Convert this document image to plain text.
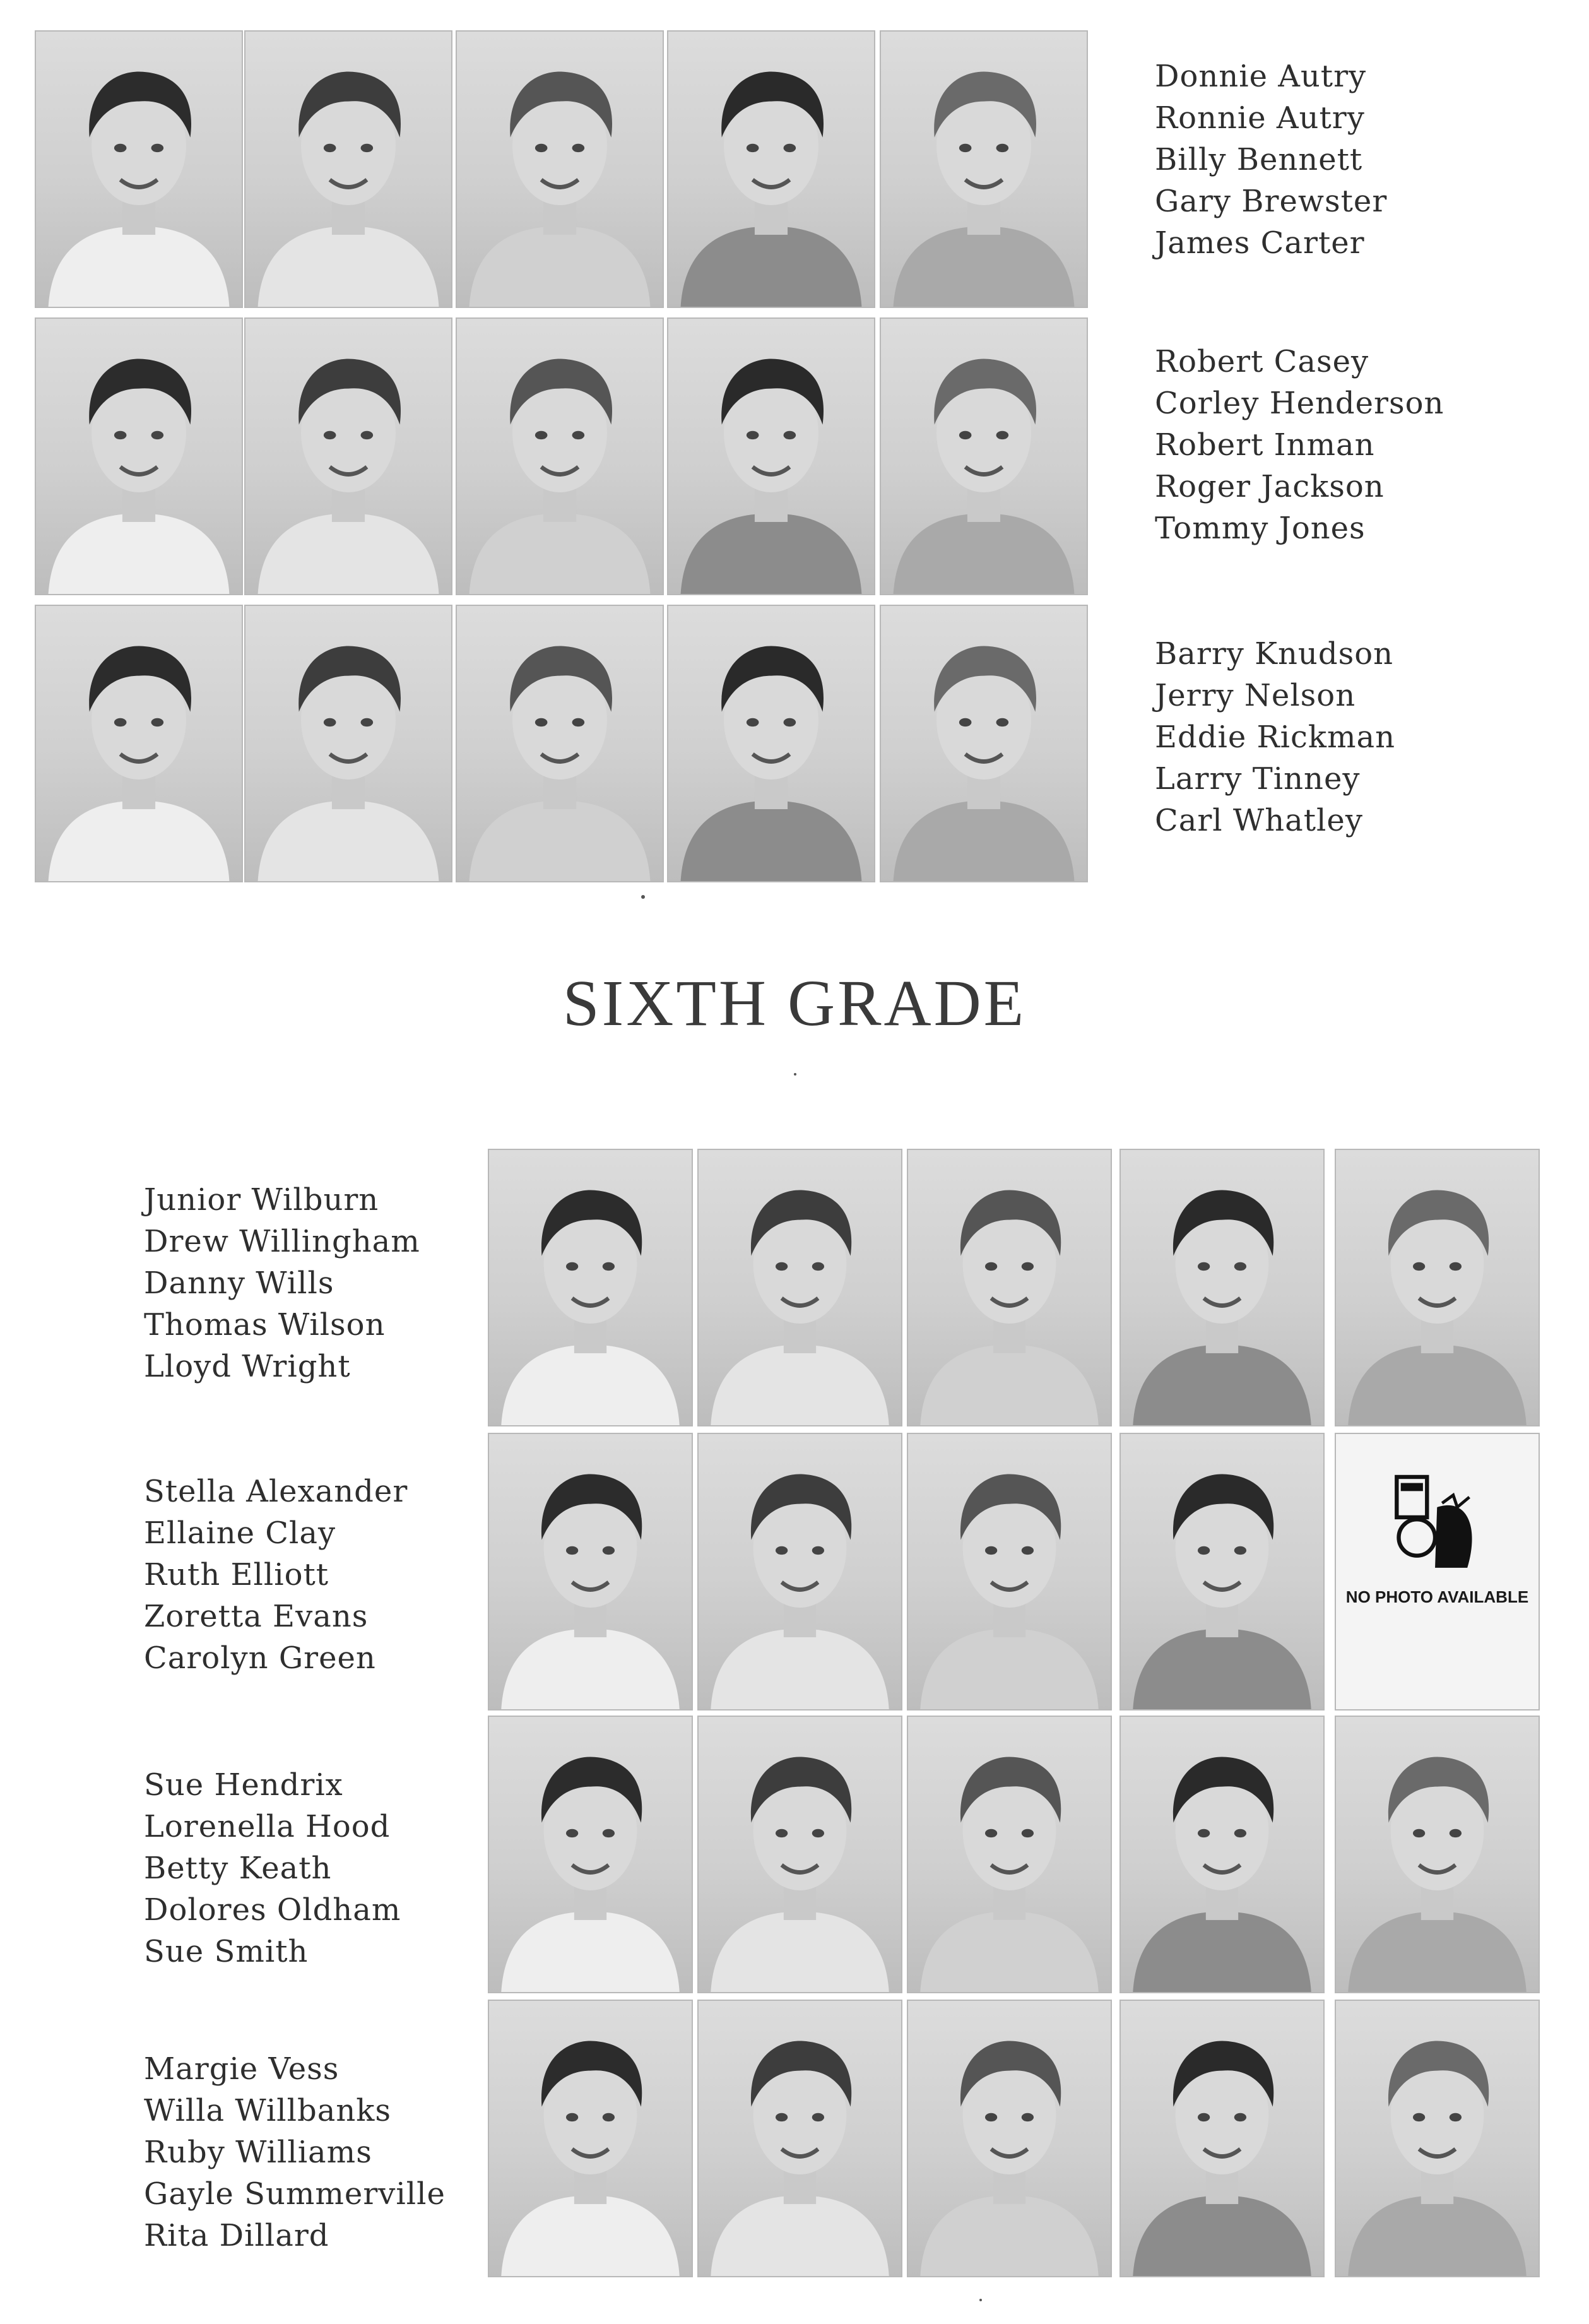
Donnie Autry
Ronnie Autry
Billy Bennett
Gary Brewster
James Carter
Robert Casey
Corley Henderson
Robert Inman
Roger Jackson
Tommy Jones
Barry Knudson
Jerry Nelson
Eddie Rickman
Larry Tinney
Carl Whatley
SIXTH GRADE
NO PHOTO AVAILABLE
Junior Wilburn
Drew Willingham
Danny Wills
Thomas Wilson
Lloyd Wright
Stella Alexander
Ellaine Clay
Ruth Elliott
Zoretta Evans
Carolyn Green
Sue Hendrix
Lorenella Hood
Betty Keath
Dolores Oldham
Sue Smith
Margie Vess
Willa Willbanks
Ruby Williams
Gayle Summerville
Rita Dillard
